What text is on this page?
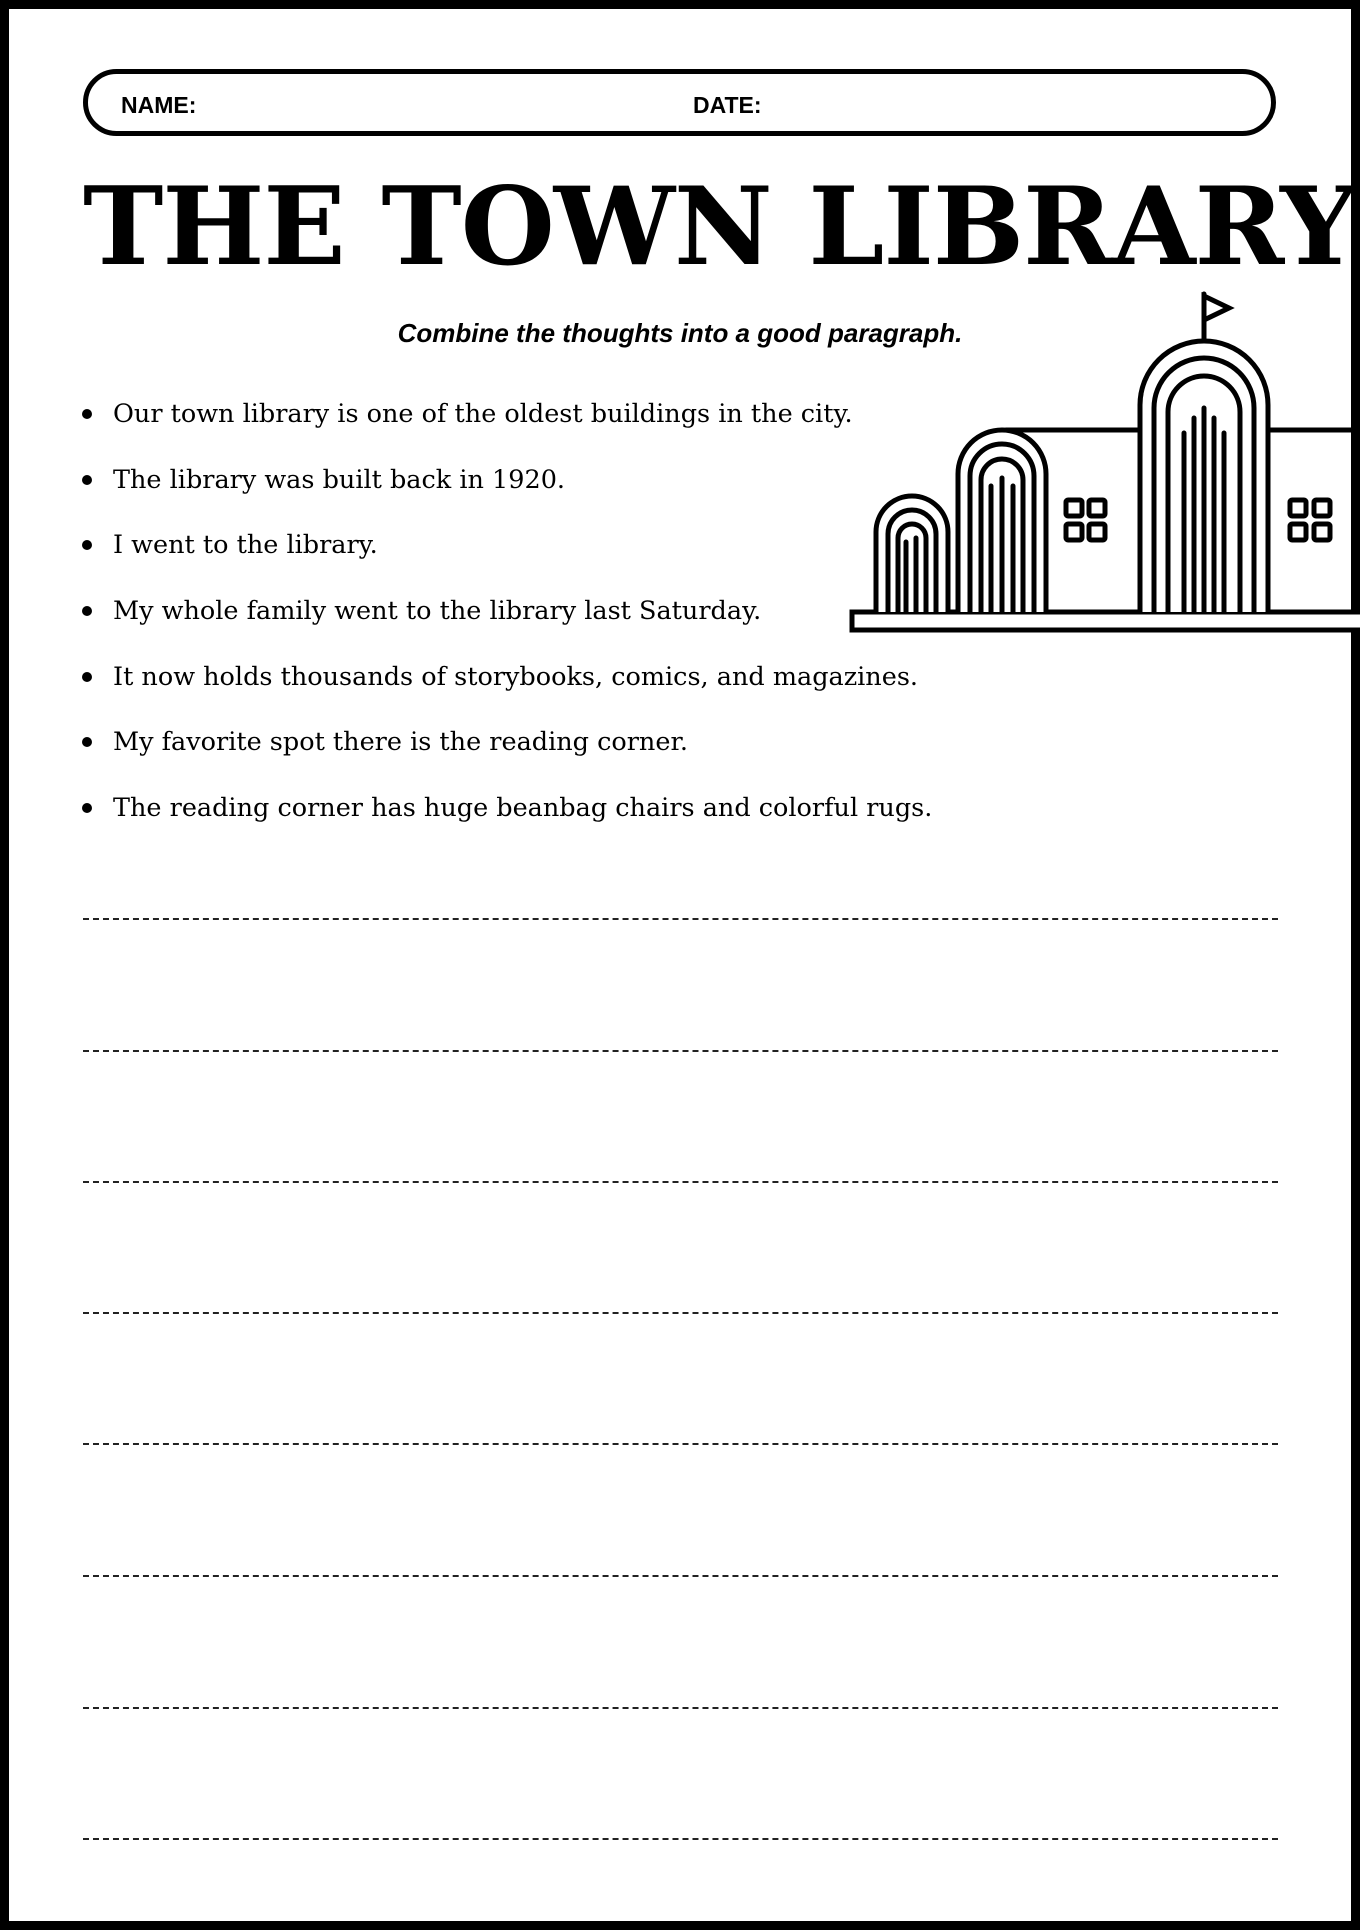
NAME:	DATE:
THE TOWN LIBRARY
Combine the thoughts into a good paragraph.
Our town library is one of the oldest buildings in the city.
The library was built back in 1920.
I went to the library.
My whole family went to the library last Saturday.
It now holds thousands of storybooks, comics, and magazines.
My favorite spot there is the reading corner.
The reading corner has huge beanbag chairs and colorful rugs.
